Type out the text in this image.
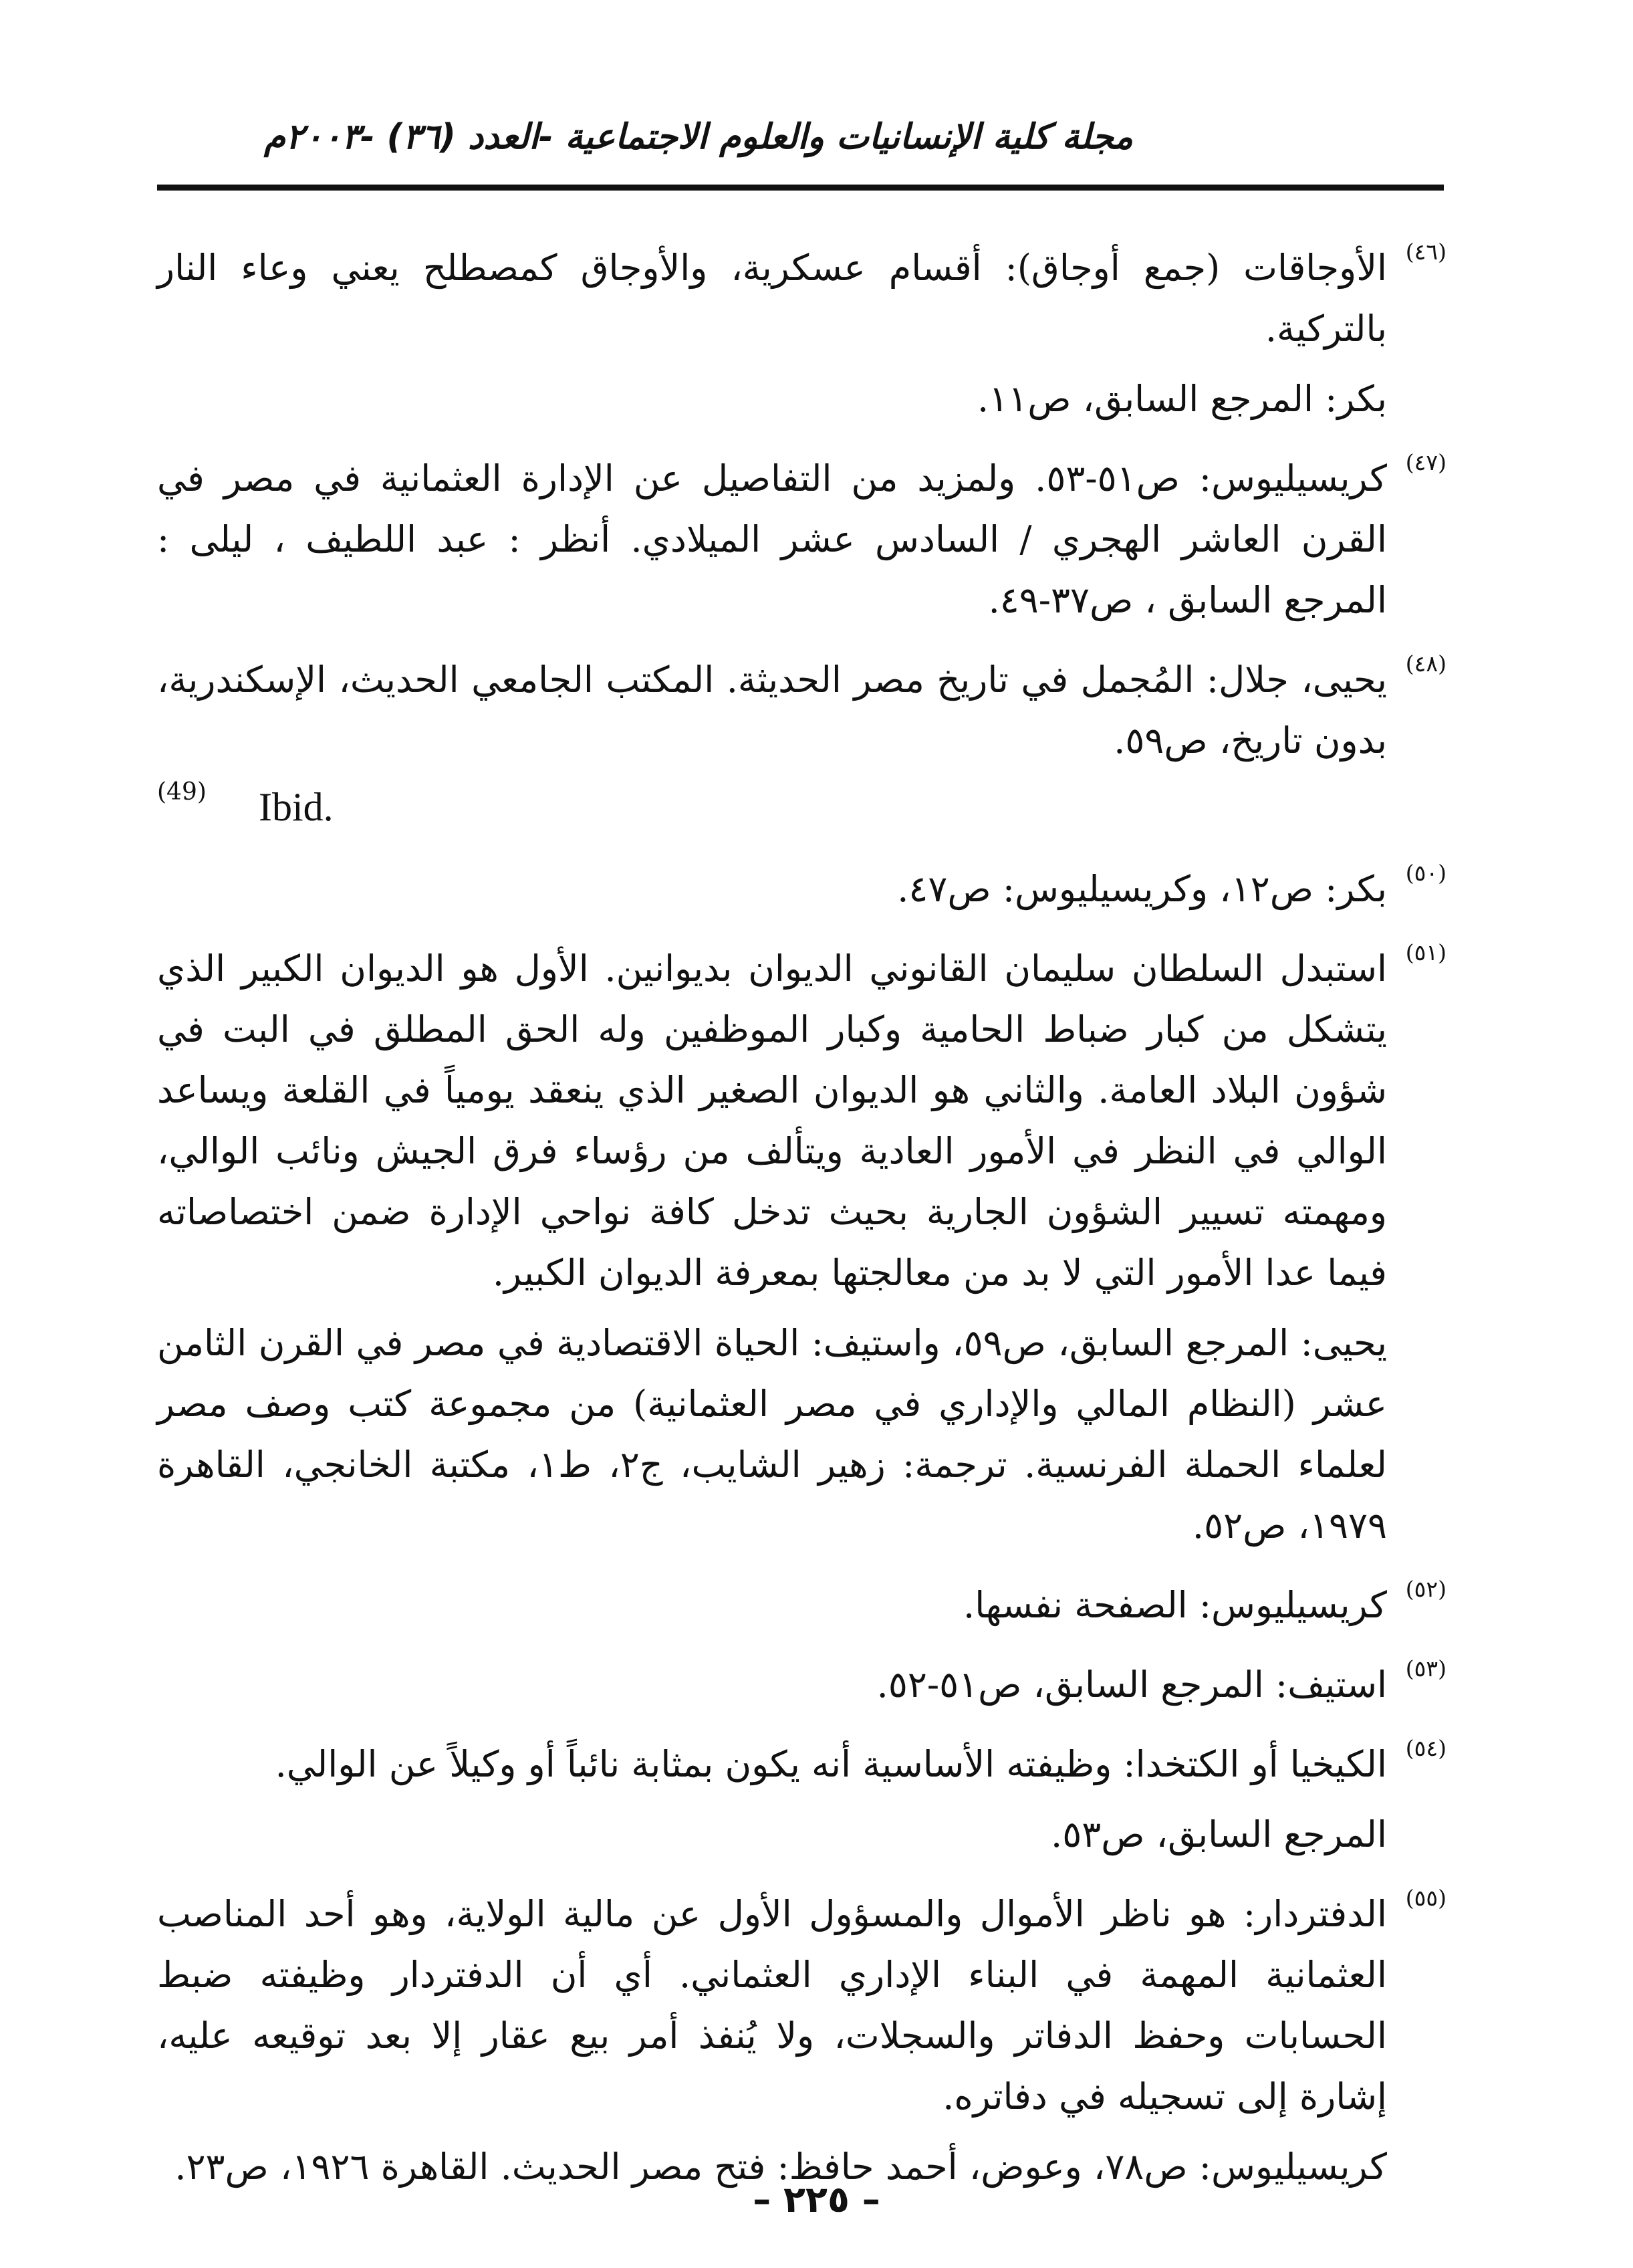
مجلة كلية الإنسانيات والعلوم الاجتماعية -العدد (٣٦) -٢٠٠٣م
(٤٦)

الأوجاقات (جمع أوجاق): أقسام عسكرية، والأوجاق كمصطلح يعني وعاء النار بالتركية.

بكر: المرجع السابق، ص١١.

(٤٧)

كريسيليوس: ص٥١-٥٣. ولمزيد من التفاصيل عن الإدارة العثمانية في مصر في القرن العاشر الهجري / السادس عشر الميلادي. أنظر : عبد اللطيف ، ليلى : المرجع السابق ، ص٣٧-٤٩.

(٤٨)

يحيى، جلال: المُجمل في تاريخ مصر الحديثة. المكتب الجامعي الحديث، الإسكندرية، بدون تاريخ، ص٥٩.

(49) Ibid.
(٥٠)

بكر: ص١٢، وكريسيليوس: ص٤٧.

(٥١)

استبدل السلطان سليمان القانوني الديوان بديوانين. الأول هو الديوان الكبير الذي يتشكل من كبار ضباط الحامية وكبار الموظفين وله الحق المطلق في البت في شؤون البلاد العامة. والثاني هو الديوان الصغير الذي ينعقد يومياً في القلعة ويساعد الوالي في النظر في الأمور العادية ويتألف من رؤساء فرق الجيش ونائب الوالي، ومهمته تسيير الشؤون الجارية بحيث تدخل كافة نواحي الإدارة ضمن اختصاصاته فيما عدا الأمور التي لا بد من معالجتها بمعرفة الديوان الكبير.

يحيى: المرجع السابق، ص٥٩، واستيف: الحياة الاقتصادية في مصر في القرن الثامن عشر (النظام المالي والإداري في مصر العثمانية) من مجموعة كتب وصف مصر لعلماء الحملة الفرنسية. ترجمة: زهير الشايب، ج٢، ط١، مكتبة الخانجي، القاهرة ١٩٧٩، ص٥٢.

(٥٢)

كريسيليوس: الصفحة نفسها.

(٥٣)

استيف: المرجع السابق، ص٥١-٥٢.

(٥٤)

الكيخيا أو الكتخدا: وظيفته الأساسية أنه يكون بمثابة نائباً أو وكيلاً عن الوالي.

المرجع السابق، ص٥٣.

(٥٥)

الدفتردار: هو ناظر الأموال والمسؤول الأول عن مالية الولاية، وهو أحد المناصب العثمانية المهمة في البناء الإداري العثماني. أي أن الدفتردار وظيفته ضبط الحسابات وحفظ الدفاتر والسجلات، ولا يُنفذ أمر بيع عقار إلا بعد توقيعه عليه، إشارة إلى تسجيله في دفاتره.

كريسيليوس: ص٧٨، وعوض، أحمد حافظ: فتح مصر الحديث. القاهرة ١٩٢٦، ص٢٣.

– ٢٢٥ –
